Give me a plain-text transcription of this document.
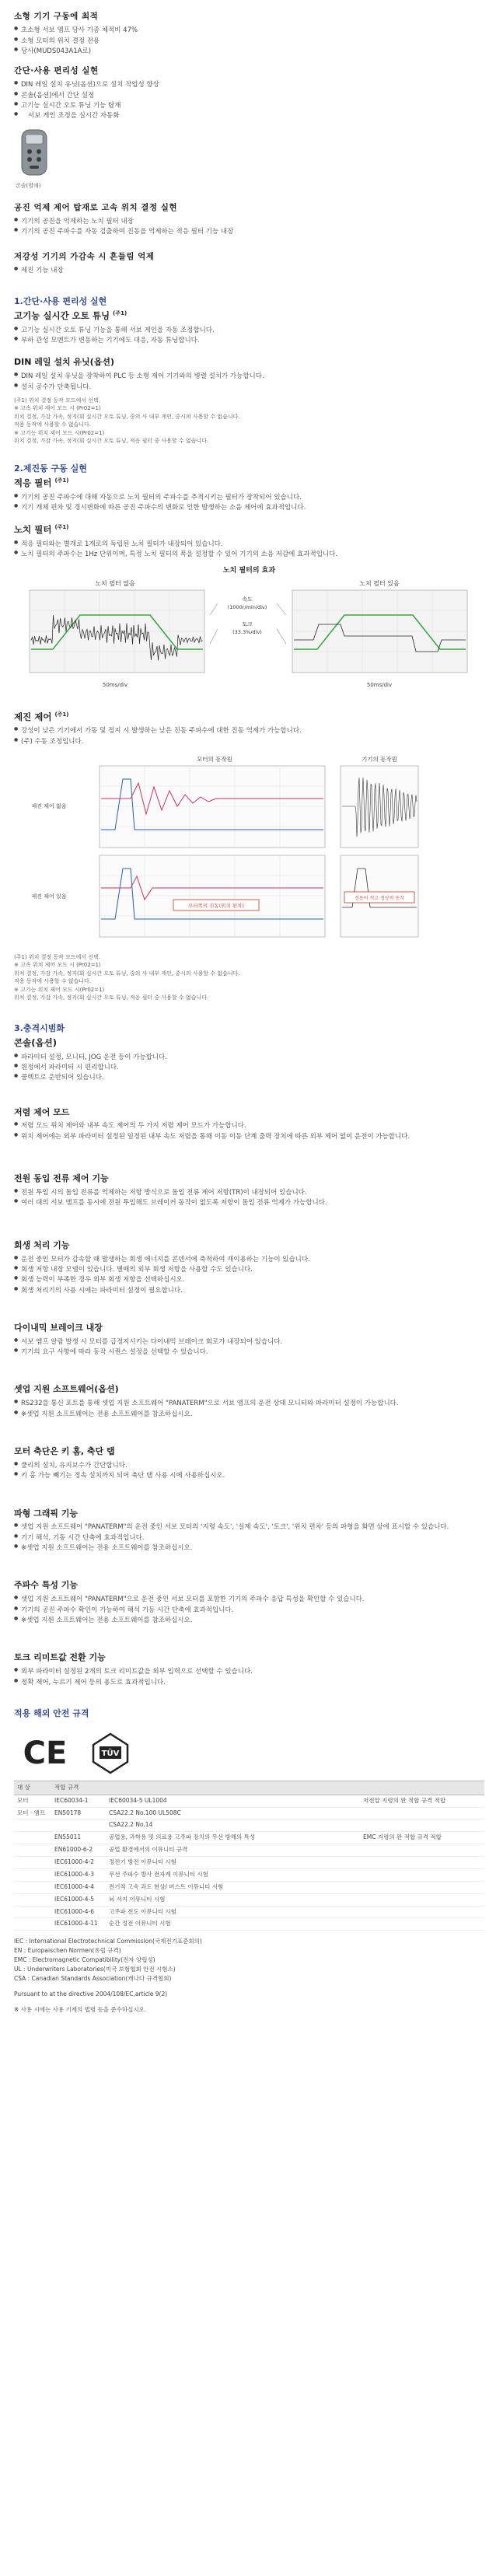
소형 기기 구동에 최적
● 초소형 서보 앰프 당사 기종 체적비 47%
● 소형 모터의 위치 결정 전용
● 당사(MUDS043A1A로)
간단·사용 편리성 실현
● DIN 레일 설치 유닛(옵션)으로 설치 작업성 향상
● 콘솔(옵션)에서 간단 설정
● 고기능 실시간 오토 튜닝 기능 탑재
● 서보 게인 조정을 실시간 자동화
콘솔(별매)
공진 억제 제어 탑재로 고속 위치 결정 실현
● 기기의 공진을 억제하는 노치 필터 내장
● 기기의 공진 주파수를 자동 검출하여 진동을 억제하는 적응 필터 기능 내장
저강성 기기의 가감속 시 흔들림 억제
● 제진 기능 내장
1.간단·사용 편리성 실현
고기능 실시간 오토 튜닝 $^{(주1)}$
● 고기능 실시간 오토 튜닝 기능을 통해 서보 게인을 자동 조정합니다.
● 부하 관성 모멘트가 변동하는 기기에도 대응, 자동 튜닝합니다.
DIN 레일 설치 유닛(옵션)
● DIN 레일 설치 유닛을 장착하여 PLC 등 소형 제어 기기와의 병렬 설치가 가능합니다.
● 설치 공수가 단축됩니다.
(주1) 위치 결정 동작 모드에서 선택.
※ 고속 위치 제어 모드 시 (Pr02=1)
위치 결정, 가감 가속, 정지(회 실시간 오토 튜닝, 중의 사 내부 게인, 중시의 사용할 수 없습니다.
적용 동작에 사용할 수 없습니다.
※ 고기능 위치 제어 모드 시(Pr02=1)
위치 결정, 가감 가속, 정지(회 실시간 오토 튜닝, 적응 필터 중 사용할 수 없습니다.
2.제진동 구동 실현
적응 필터 $^{(주1)}$
● 기기의 공진 주파수에 대해 자동으로 노치 필터의 주파수를 추적시키는 필터가 장착되어 있습니다.
● 기기 개체 편차 및 경시변화에 따른 공진 주파수의 변화로 인한 발생하는 소음 제어에 효과적입니다.
노치 필터 $^{(주1)}$
● 적응 필터와는 별개로 1개로의 독립된 노치 필터가 내장되어 있습니다.
● 노치 필터의 주파수는 1Hz 단위이며, 특정 노치 필터의 폭을 설정할 수 있어 기기의 소음 저감에 효과적입니다.
노치 필터의 효과
노치 필터 없음
50ms/div
속도
(1000r/min/div)
토크
(33.3%/div)
노치 필터 있음
50ms/div
제진 제어 $^{(주1)}$
● 강성이 낮은 기기에서 가동 및 정지 시 발생하는 낮은 진동 주파수에 대한 진동 억제가 가능합니다.
● (주) 수동 조정입니다.
모터의 동작원	기기의 동작원
제진 제어 없음
제진 제어 있음
모터쪽의 진동(위치 편차)
진동이 적고 정상적 동작
(주1) 위치 결정 동작 모드에서 선택.
※ 고속 위치 제어 모드 시 (Pr02=1)
위치 결정, 가감 가속, 정지(회 실시간 오토 튜닝, 중의 사 내부 게인, 중시의 사용할 수 없습니다.
적용 동작에 사용할 수 없습니다.
※ 고기능 위치 제어 모드 시(Pr02=1)
위치 결정, 가감 가속, 정지(회 실시간 오토 튜닝, 적응 필터 중 사용할 수 없습니다.
3.충격시범화
콘솔(옵션)
● 파라미터 설정, 모니터, JOG 운전 등이 가능합니다.
● 원정에서 파라미터 시 편리합니다.
● 콜렉트로 운반되어 있습니다.
저렴 제어 모드
● 저렴 모드 위치 제어와 내부 속도 제어의 두 가지 저렴 제어 모드가 가능합니다.
● 위치 제어에는 외부 파라미터 설정된 일정된 내부 속도 저렴을 통해 이동 이동 단계 출력 장치에 따른 외부 제어 없이 운전이 가능합니다.
전원 동입 전류 제어 기능
● 전원 투입 시의 돌입 전류를 억제하는 저항 방식으로 돌입 전류 제어 저항(TR)이 내장되어 있습니다.
● 여러 대의 서보 앰프를 동시에 전원 투입해도 브레이커 동작이 없도록 저항이 돌입 전류 억제가 가능합니다.
회생 처리 기능
● 운전 중인 모터가 감속할 때 발생하는 회생 에너지를 콘덴서에 축적하여 재이용하는 기능이 있습니다.
● 회생 저항 내장 모델이 있습니다. 별매의 외부 회생 저항을 사용할 수도 있습니다.
● 회생 능력이 부족한 경우 외부 회생 저항을 선택하십시오.
● 회생 처리기의 사용 시에는 파라미터 설정이 필요합니다.
다이내믹 브레이크 내장
● 서보 앰프 알람 발생 시 모터를 급정지시키는 다이내믹 브레이크 회로가 내장되어 있습니다.
● 기기의 요구 사항에 따라 동작 시퀀스 설정을 선택할 수 있습니다.
셋업 지원 소프트웨어(옵션)
● RS232를 통신 포트를 통해 셋업 지원 소프트웨어 "PANATERM"으로 서보 앰프의 운전 상태 모니터와 파라미터 설정이 가능합니다.
● ※셋업 지원 소프트웨어는 전용 소프트웨어를 참조하십시오.
모터 축단은 키 홈, 축단 탭
● 풀리의 설치, 유지보수가 간단합니다.
● 키 홈 가능 빼기는 정속 설치까지 되어 축단 탭 사용 시에 사용하십시오.
파형 그래픽 기능
● 셋업 지원 소프트웨어 "PANATERM"의 운전 중인 서보 모터의 '지령 속도', '실제 속도', '토크', '위치 편차' 등의 파형을 화면 상에 표시할 수 있습니다.
● 기기 해석, 기동 시간 단축에 효과적입니다.
● ※셋업 지원 소프트웨어는 전용 소프트웨어를 참조하십시오.
주파수 특성 기능
● 셋업 지원 소프트웨어 "PANATERM"으로 운전 중인 서보 모터를 포함한 기기의 주파수 응답 특성을 확인할 수 있습니다.
● 기기의 공진 주파수 확인이 가능하여 해석 기동 시간 단축에 효과적입니다.
● ※셋업 지원 소프트웨어는 전용 소프트웨어를 참조하십시오.
토크 리미트값 전환 기능
● 외부 파라미터 설정된 2개의 토크 리미트값을 외부 입력으로 선택할 수 있습니다.
● 정확 제어, 누르기 제어 등의 용도로 효과적입니다.
적용 해외 안전 규격
CE	TÜV
대 상	적합 규격		
모터	IEC60034-1	IEC60034-5 UL1004	저전압 지령의 완 적합 규격 적합
모터 · 앰프	EN50178	CSA22.2 No.100 UL508C	
		CSA22.2 No.14	
	EN55011	공업용, 과학용 및 의료용 고주파 장치의 무선 방해의 특성	EMC 지령의 완 적합 규격 적합
	EN61000-6-2	공업 환경에서의 이뮤니티 규격	
	IEC61000-4-2	정전기 방전 이뮤니티 시험	
	IEC61000-4-3	무선 주파수 방사 전자계 이뮤니티 시험	
	IEC61000-4-4	전기적 고속 과도 현상/ 버스트 이뮤니티 시험	
	IEC61000-4-5	뇌 서지 이뮤니티 시험	
	IEC61000-4-6	고주파 전도 이뮤니티 시험	
	IEC61000-4-11	순간 정전 이뮤니티 시험	
IEC : International Electrotechnical Commission(국제전기표준회의)
EN : Europaischen Normen(유럽 규격)
EMC : Electromagnetic Compatibility(전자 양립성)
UL : Underwriters Laboratories(미국 보험협회 안전 시험소)
CSA : Canadian Standards Association(캐나다 규격협회)
Pursuant to at the directive 2004/108/EC,article 9(2)
※ 사용 시에는 사용 기계의 법령 등을 준수하십시오.
